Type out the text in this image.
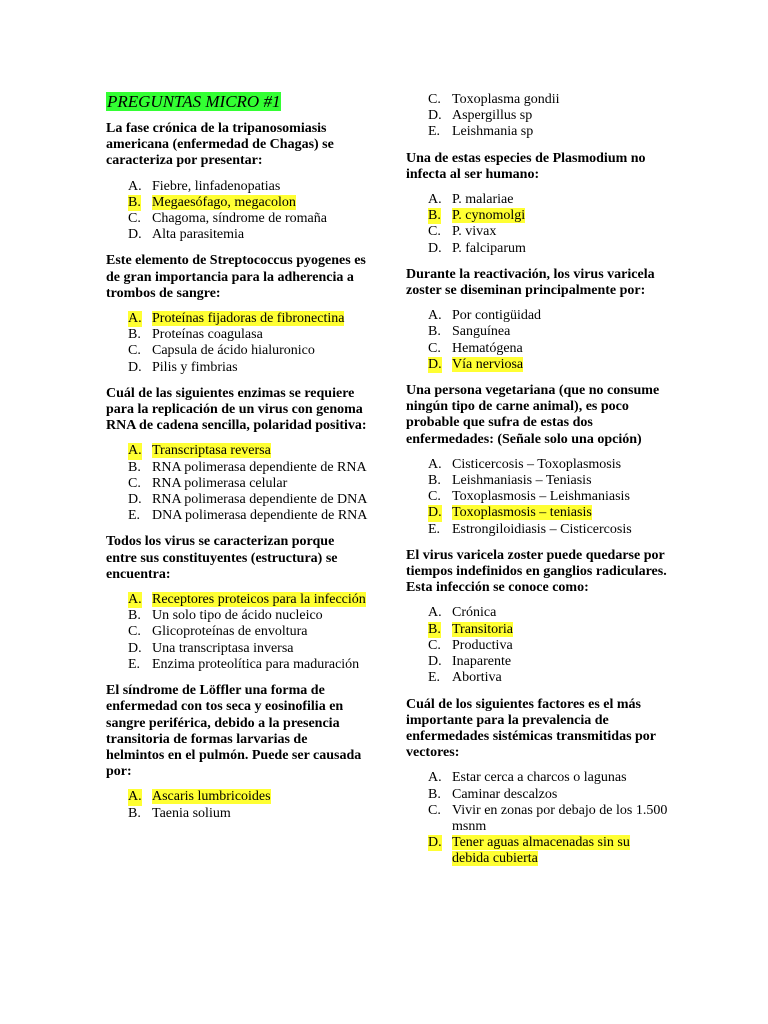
PREGUNTAS MICRO #1
La fase crónica de la tripanosomiasis americana (enfermedad de Chagas) se caracteriza por presentar:
A. Fiebre, linfadenopatias
B. Megaesófago, megacolon
C. Chagoma, síndrome de romaña
D. Alta parasitemia
Este elemento de Streptococcus pyogenes es de gran importancia para la adherencia a trombos de sangre:
A. Proteínas fijadoras de fibronectina
B. Proteínas coagulasa
C. Capsula de ácido hialuronico
D. Pilis y fimbrias
Cuál de las siguientes enzimas se requiere para la replicación de un virus con genoma RNA de cadena sencilla, polaridad positiva:
A. Transcriptasa reversa
B. RNA polimerasa dependiente de RNA
C. RNA polimerasa celular
D. RNA polimerasa dependiente de DNA
E. DNA polimerasa dependiente de RNA
Todos los virus se caracterizan porque entre sus constituyentes (estructura) se encuentra:
A. Receptores proteicos para la infección
B. Un solo tipo de ácido nucleico
C. Glicoproteínas de envoltura
D. Una transcriptasa inversa
E. Enzima proteolítica para maduración
El síndrome de Löffler una forma de enfermedad con tos seca y eosinofilia en sangre periférica, debido a la presencia transitoria de formas larvarias de helmintos en el pulmón. Puede ser causada por:
A. Ascaris lumbricoides
B. Taenia solium
C. Toxoplasma gondii
D. Aspergillus sp
E. Leishmania sp
Una de estas especies de Plasmodium no infecta al ser humano:
A. P. malariae
B. P. cynomolgi
C. P. vivax
D. P. falciparum
Durante la reactivación, los virus varicela zoster se diseminan principalmente por:
A. Por contigüidad
B. Sanguínea
C. Hematógena
D. Vía nerviosa
Una persona vegetariana (que no consume ningún tipo de carne animal), es poco probable que sufra de estas dos enfermedades: (Señale solo una opción)
A. Cisticercosis – Toxoplasmosis
B. Leishmaniasis – Teniasis
C. Toxoplasmosis – Leishmaniasis
D. Toxoplasmosis – teniasis
E. Estrongiloidiasis – Cisticercosis
El virus varicela zoster puede quedarse por tiempos indefinidos en ganglios radiculares. Esta infección se conoce como:
A. Crónica
B. Transitoria
C. Productiva
D. Inaparente
E. Abortiva
Cuál de los siguientes factores es el más importante para la prevalencia de enfermedades sistémicas transmitidas por vectores:
A. Estar cerca a charcos o lagunas
B. Caminar descalzos
C. Vivir en zonas por debajo de los 1.500 msnm
D. Tener aguas almacenadas sin su debida cubierta
